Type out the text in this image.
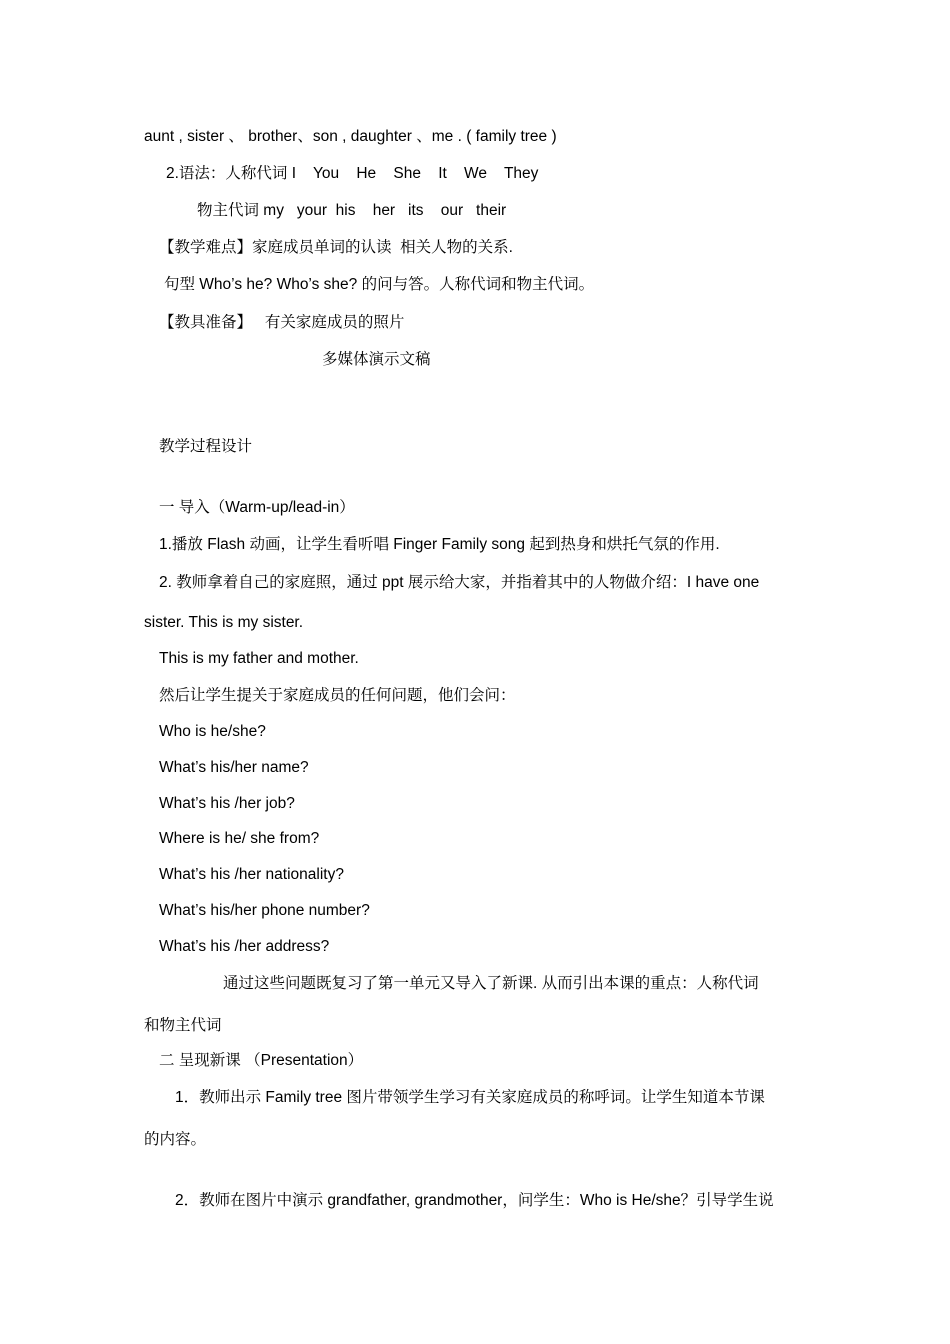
aunt , sister 、 brother、son , daughter 、me . ( family tree )
2.语法：人称代词 I    You    He    She    It    We    They
物主代词 my   your  his    her   its    our   their
【教学难点】家庭成员单词的认读  相关人物的关系.
句型 Who’s he? Who’s she? 的问与答。人称代词和物主代词。
【教具准备】   有关家庭成员的照片
多媒体演示文稿
教学过程设计
一 导入（Warm-up/lead-in）
1.播放 Flash 动画，让学生看听唱 Finger Family song 起到热身和烘托气氛的作用.
2. 教师拿着自己的家庭照，通过 ppt 展示给大家，并指着其中的人物做介绍：I have one
sister. This is my sister.
This is my father and mother.
然后让学生提关于家庭成员的任何问题，他们会问：
Who is he/she?
What’s his/her name?
What’s his /her job?
Where is he/ she from?
What’s his /her nationality?
What’s his/her phone number?
What’s his /her address?
通过这些问题既复习了第一单元又导入了新课. 从而引出本课的重点：人称代词
和物主代词
二 呈现新课 （Presentation）
1．教师出示 Family tree 图片带领学生学习有关家庭成员的称呼词。让学生知道本节课
的内容。
2．教师在图片中演示 grandfather, grandmother，问学生：Who is He/she？引导学生说
